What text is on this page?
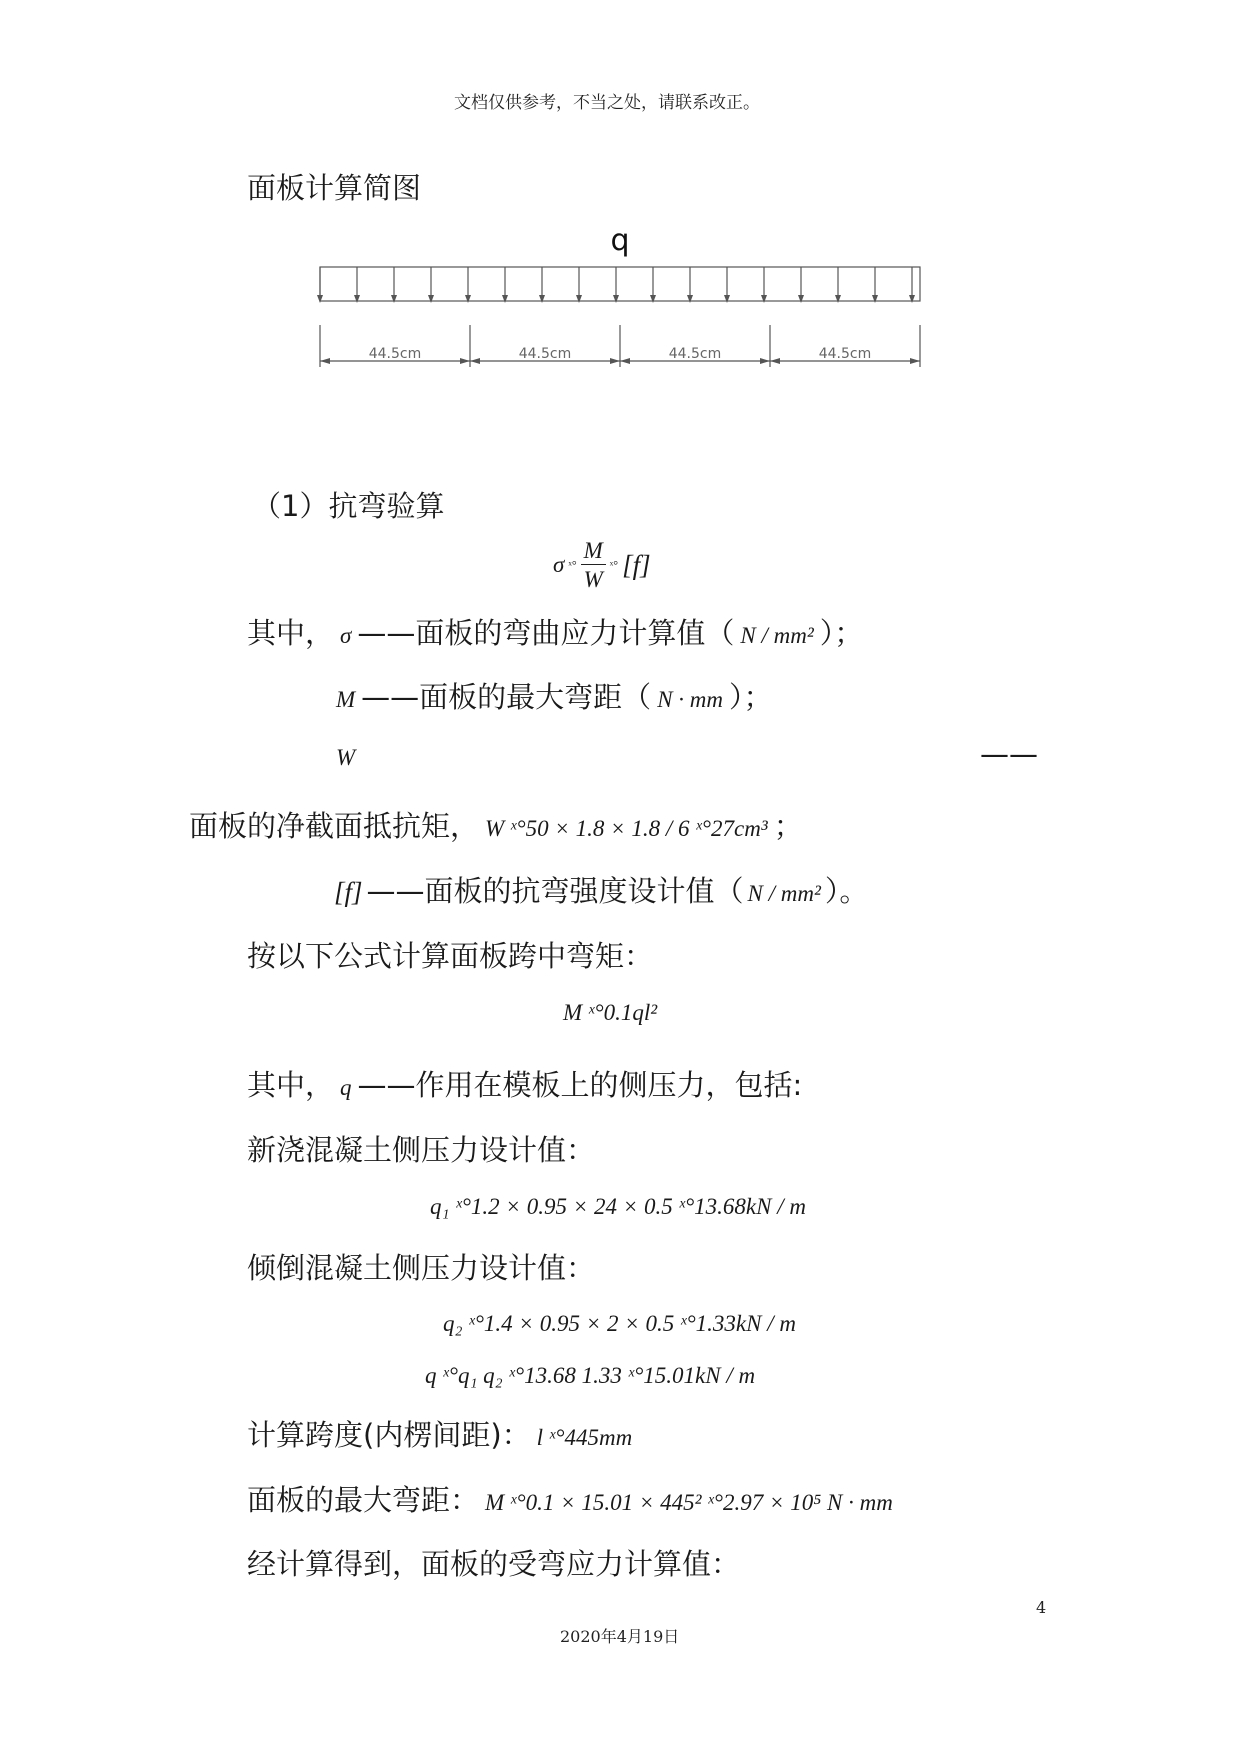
文档仅供参考，不当之处，请联系改正。
面板计算简图
q
44.5cm	44.5cm	44.5cm	44.5cm
（1）抗弯验算
σ ˣ° $\frac{M}{W}$ ˣ° [f]
其中， σ ——面板的弯曲应力计算值（ N / mm² ）；
M ——面板的最大弯距（ N · mm ）；
W	——
面板的净截面抵抗矩， W ˣ°50 × 1.8 × 1.8 / 6 ˣ°27cm³ ；
[f] ——面板的抗弯强度设计值（ N / mm² ）。
按以下公式计算面板跨中弯矩：
M ˣ°0.1ql²
其中， q ——作用在模板上的侧压力，包括:
新浇混凝土侧压力设计值：
q₁ ˣ°1.2 × 0.95 × 24 × 0.5 ˣ°13.68kN / m
倾倒混凝土侧压力设计值：
q₂ ˣ°1.4 × 0.95 × 2 × 0.5 ˣ°1.33kN / m
q ˣ°q₁ q₂ ˣ°13.68 1.33 ˣ°15.01kN / m
计算跨度(内楞间距)： l ˣ°445mm
面板的最大弯距： M ˣ°0.1 × 15.01 × 445² ˣ°2.97 × 10⁵ N · mm
经计算得到，面板的受弯应力计算值：
4
2020年4月19日
